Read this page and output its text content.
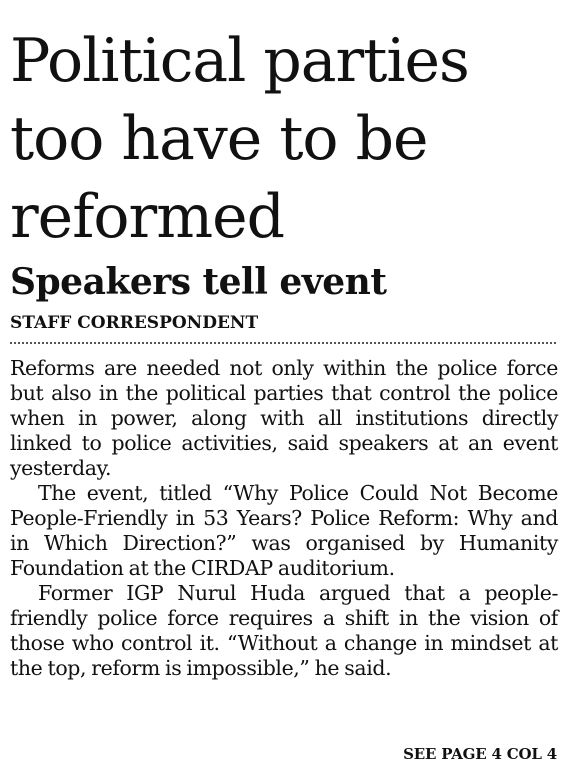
Political parties
too have to be
reformed
Speakers tell event
STAFF CORRESPONDENT

Reforms are needed not only within the police force but also in the political parties that control the police when in power, along with all institutions directly linked to police activities, said speakers at an event yesterday.

The event, titled “Why Police Could Not Become People-Friendly in 53 Years? Police Reform: Why and in Which Direction?” was organised by Humanity Foundation at the CIRDAP auditorium.

Former IGP Nurul Huda argued that a people-friendly police force requires a shift in the vision of those who control it. “Without a change in mindset at the top, reform is impossible,” he said.

SEE PAGE 4 COL 4
